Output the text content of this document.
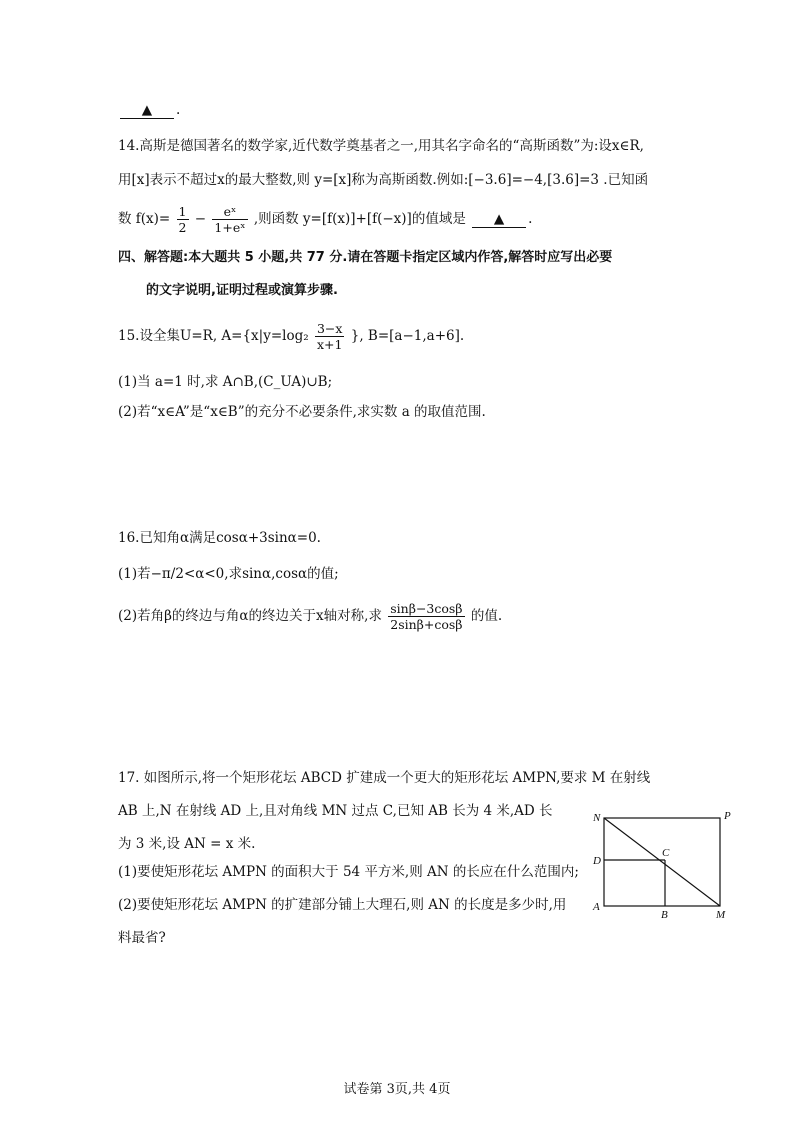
▲ .
14.高斯是德国著名的数学家,近代数学奠基者之一,用其名字命名的“高斯函数”为:设x∈R,
用[x]表示不超过x的最大整数,则 y=[x]称为高斯函数.例如:[−3.6]=−4,[3.6]=3 .已知函
数 $f(x)= \frac{1}{2} - \frac{\text{eˣ}}{\text{1+eˣ}}$ ,则函数 y=[f(x)]+[f(−x)]的值域是 ▲ .
四、解答题:本大题共 5 小题,共 77 分.请在答题卡指定区域内作答,解答时应写出必要
的文字说明,证明过程或演算步骤.
15.设全集U=R, $A=\{x|y=\log_2 \frac{3-x}{x+1}$ }, B=[a−1,a+6].
(1)当 a=1 时,求 A∩B,(C_UA)∪B;
(2)若“x∈A”是“x∈B”的充分不必要条件,求实数 a 的取值范围.
16.已知角α满足cosα+3sinα=0.
(1)若−π/2<α<0,求sinα,cosα的值;
(2)若角β的终边与角α的终边关于x轴对称,求 $\frac{\sin\beta-3\cos\beta}{2\sin\beta+\cos\beta}$ 的值.
17. 如图所示,将一个矩形花坛 ABCD 扩建成一个更大的矩形花坛 AMPN,要求 M 在射线
AB 上,N 在射线 AD 上,且对角线 MN 过点 C,已知 AB 长为 4 米,AD 长
为 3 米,设 AN = x 米.
(1)要使矩形花坛 AMPN 的面积大于 54 平方米,则 AN 的长应在什么范围内;
(2)要使矩形花坛 AMPN 的扩建部分铺上大理石,则 AN 的长度是多少时,用
料最省?
N	P
D
C
A
B	M
试卷第 3页,共 4页
